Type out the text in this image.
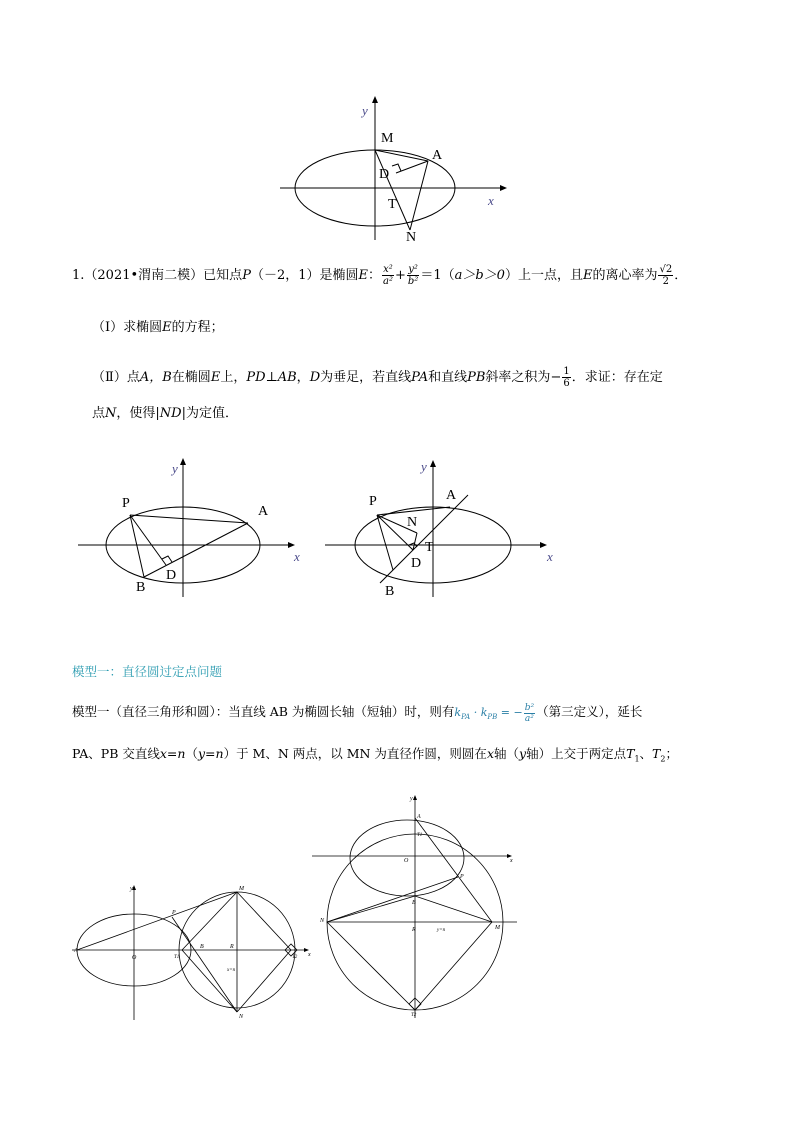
y
x
M
A
D
T
N
1.（2021•渭南二模）已知点P（－2，1）是椭圆E： $\frac{\text{x²}}{\text{a²}} + \frac{\text{y²}}{\text{b²}} =1(a>b>0)$上一点，且E的离心率为 $\frac{√2}{2}$ ．
（Ⅰ）求椭圆E的方程；
（Ⅱ）点A，B在椭圆E上，PD⊥AB，D为垂足，若直线PA和直线PB斜率之积为− $\frac{1}{6}$ ．求证：存在定
点N，使得|ND|为定值．
y
x
P
A
B
D
y
x
P	A
N
T
D
B
模型一：直径圆过定点问题
模型一（直径三角形和圆）：当直线 AB 为椭圆长轴（短轴）时，则有$k_{PA} \cdot k_{PB}$ = − $\frac{\text{b²}}{\text{a²}}$ （第三定义），延长
PA、PB 交直线x=n（y=n）于 M、N 两点，以 MN 为直径作圆，则圆在x轴（y轴）上交于两定点$T_1$、$T_2$；
y
x
A
O
P
M
B	R
T1	T2
N
x=n
y
x
A
T1
O
P
B
N
M
R	y=n
T2
